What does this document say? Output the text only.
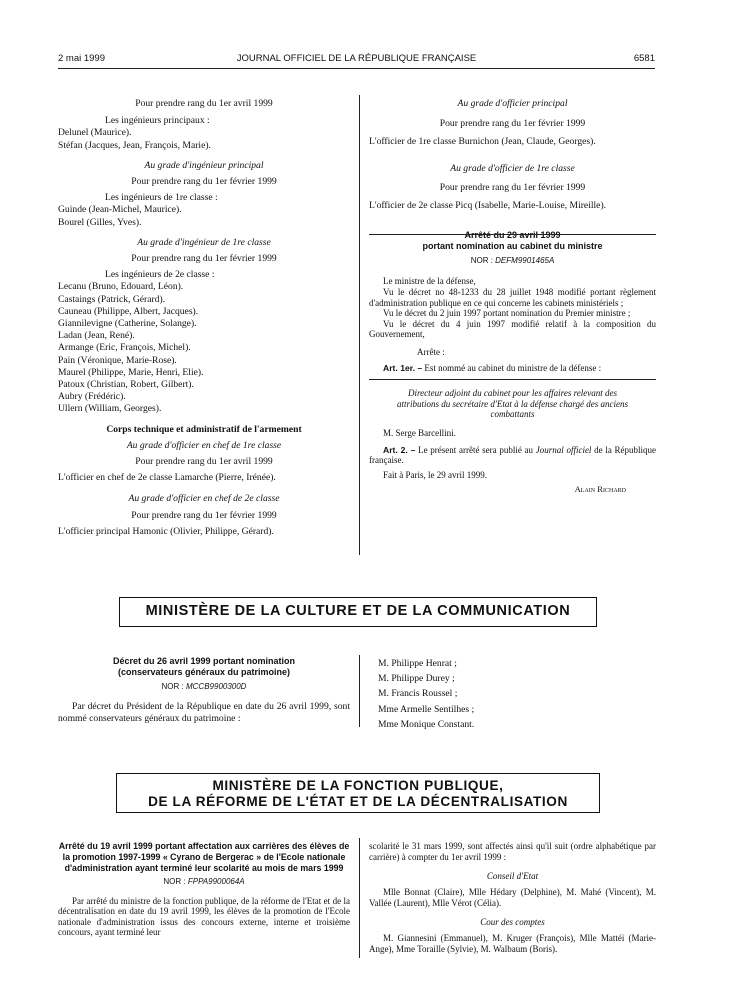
2 mai 1999	JOURNAL OFFICIEL DE LA RÉPUBLIQUE FRANÇAISE	6581

Pour prendre rang du 1er avril 1999

Les ingénieurs principaux :

Delunel (Maurice).

Stéfan (Jacques, Jean, François, Marie).

Au grade d'ingénieur principal

Pour prendre rang du 1er février 1999

Les ingénieurs de 1re classe :

Guinde (Jean-Michel, Maurice).

Bourel (Gilles, Yves).

Au grade d'ingénieur de 1re classe

Pour prendre rang du 1er février 1999

Les ingénieurs de 2e classe :

Lecanu (Bruno, Edouard, Léon).

Castaings (Patrick, Gérard).

Cauneau (Philippe, Albert, Jacques).

Giannilevigne (Catherine, Solange).

Ladan (Jean, René).

Armange (Eric, François, Michel).

Pain (Véronique, Marie-Rose).

Maurel (Philippe, Marie, Henri, Elie).

Patoux (Christian, Robert, Gilbert).

Aubry (Frédéric).

Ullern (William, Georges).

Corps technique et administratif de l'armement

Au grade d'officier en chef de 1re classe

Pour prendre rang du 1er avril 1999

L'officier en chef de 2e classe Lamarche (Pierre, Irénée).

Au grade d'officier en chef de 2e classe

Pour prendre rang du 1er février 1999

L'officier principal Hamonic (Olivier, Philippe, Gérard).

Au grade d'officier principal

Pour prendre rang du 1er février 1999

L'officier de 1re classe Burnichon (Jean, Claude, Georges).

Au grade d'officier de 1re classe

Pour prendre rang du 1er février 1999

L'officier de 2e classe Picq (Isabelle, Marie-Louise, Mireille).

Arrêté du 29 avril 1999

portant nomination au cabinet du ministre

NOR : DEFM9901465A

Le ministre de la défense,

Vu le décret no 48-1233 du 28 juillet 1948 modifié portant règlement d'administration publique en ce qui concerne les cabinets ministériels ;

Vu le décret du 2 juin 1997 portant nomination du Premier ministre ;

Vu le décret du 4 juin 1997 modifié relatif à la composition du Gouvernement,

Arrête :

Art. 1er. – Est nommé au cabinet du ministre de la défense :

Directeur adjoint du cabinet pour les affaires relevant des attributions du secrétaire d'Etat à la défense chargé des anciens combattants

M. Serge Barcellini.

Art. 2. – Le présent arrêté sera publié au Journal officiel de la République française.

Fait à Paris, le 29 avril 1999.

Alain Richard

MINISTÈRE DE LA CULTURE ET DE LA COMMUNICATION

Décret du 26 avril 1999 portant nomination

(conservateurs généraux du patrimoine)

NOR : MCCB9900300D

Par décret du Président de la République en date du 26 avril 1999, sont nommé conservateurs généraux du patrimoine :

M. Philippe Henrat ;

M. Philippe Durey ;

M. Francis Roussel ;

Mme Armelle Sentilhes ;

Mme Monique Constant.

MINISTÈRE DE LA FONCTION PUBLIQUE,
DE LA RÉFORME DE L'ÉTAT ET DE LA DÉCENTRALISATION

Arrêté du 19 avril 1999 portant affectation aux carrières des élèves de la promotion 1997-1999 « Cyrano de Bergerac » de l'Ecole nationale d'administration ayant terminé leur scolarité au mois de mars 1999

NOR : FPPA9900064A

Par arrêté du ministre de la fonction publique, de la réforme de l'Etat et de la décentralisation en date du 19 avril 1999, les élèves de la promotion de l'Ecole nationale d'administration issus des concours externe, interne et troisième concours, ayant terminé leur

scolarité le 31 mars 1999, sont affectés ainsi qu'il suit (ordre alphabétique par carrière) à compter du 1er avril 1999 :

Conseil d'Etat

Mlle Bonnat (Claire), Mlle Hédary (Delphine), M. Mahé (Vincent), M. Vallée (Laurent), Mlle Vérot (Célia).

Cour des comptes

M. Giannesini (Emmanuel), M. Kruger (François), Mlle Mattéi (Marie-Ange), Mme Toraille (Sylvie), M. Walbaum (Boris).
